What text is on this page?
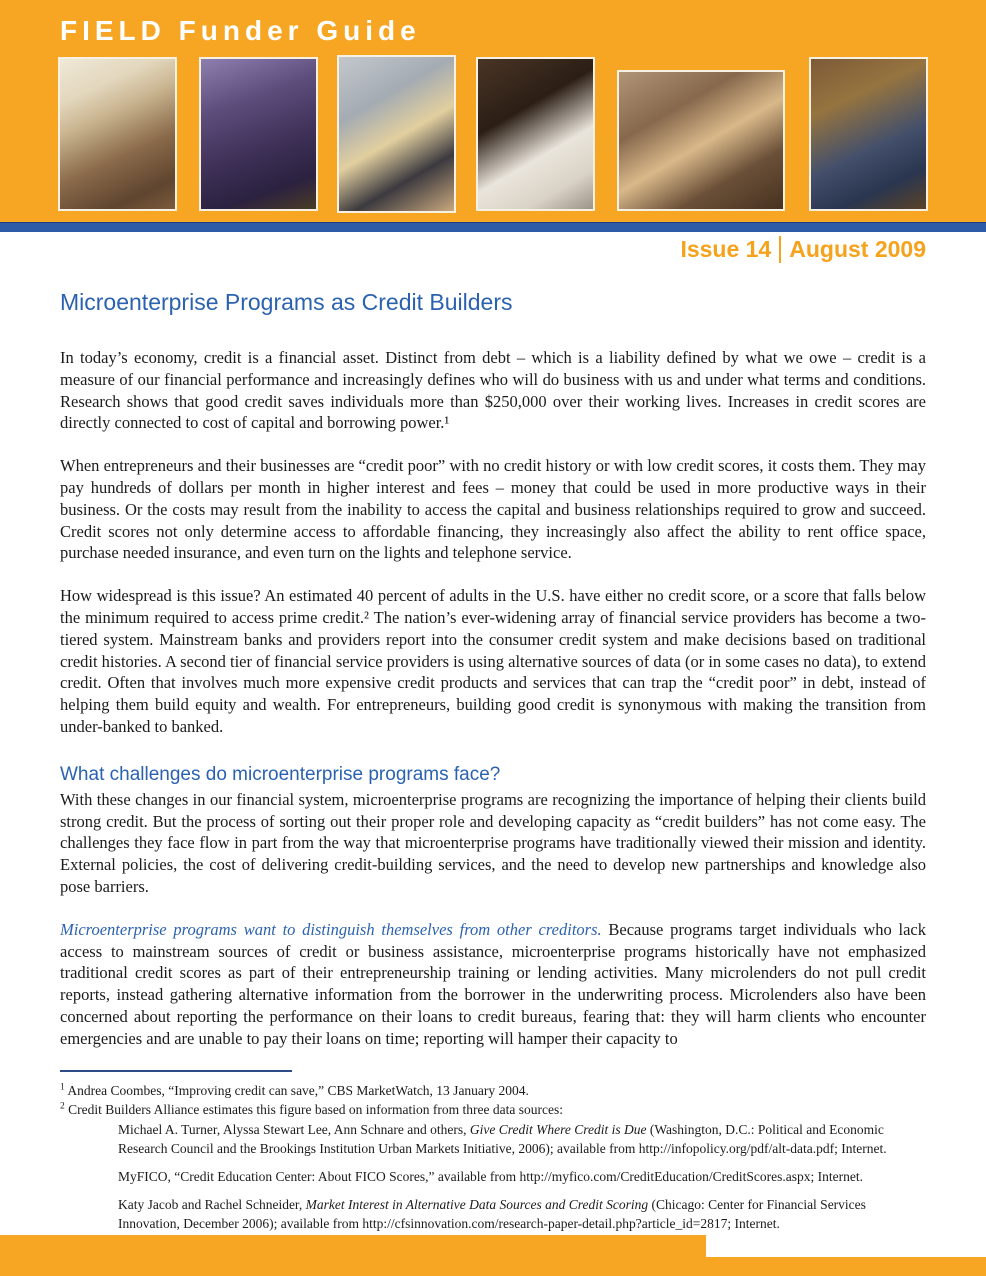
FIELD Funder Guide
Issue 14 August 2009
Microenterprise Programs as Credit Builders

In today’s economy, credit is a financial asset. Distinct from debt – which is a liability defined by what we owe – credit is a measure of our financial performance and increasingly defines who will do business with us and under what terms and conditions. Research shows that good credit saves individuals more than $250,000 over their working lives. Increases in credit scores are directly connected to cost of capital and borrowing power.¹

When entrepreneurs and their businesses are “credit poor” with no credit history or with low credit scores, it costs them. They may pay hundreds of dollars per month in higher interest and fees – money that could be used in more productive ways in their business. Or the costs may result from the inability to access the capital and business relationships required to grow and succeed. Credit scores not only determine access to affordable financing, they increasingly also affect the ability to rent office space, purchase needed insurance, and even turn on the lights and telephone service.

How widespread is this issue? An estimated 40 percent of adults in the U.S. have either no credit score, or a score that falls below the minimum required to access prime credit.² The nation’s ever-widening array of financial service providers has become a two-tiered system. Mainstream banks and providers report into the consumer credit system and make decisions based on traditional credit histories. A second tier of financial service providers is using alternative sources of data (or in some cases no data), to extend credit. Often that involves much more expensive credit products and services that can trap the “credit poor” in debt, instead of helping them build equity and wealth. For entrepreneurs, building good credit is synonymous with making the transition from under-banked to banked.

What challenges do microenterprise programs face?

With these changes in our financial system, microenterprise programs are recognizing the importance of helping their clients build strong credit. But the process of sorting out their proper role and developing capacity as “credit builders” has not come easy. The challenges they face flow in part from the way that microenterprise programs have traditionally viewed their mission and identity. External policies, the cost of delivering credit-building services, and the need to develop new partnerships and knowledge also pose barriers.

Microenterprise programs want to distinguish themselves from other creditors. Because programs target individuals who lack access to mainstream sources of credit or business assistance, microenterprise programs historically have not emphasized traditional credit scores as part of their entrepreneurship training or lending activities. Many microlenders do not pull credit reports, instead gathering alternative information from the borrower in the underwriting process. Microlenders also have been concerned about reporting the performance on their loans to credit bureaus, fearing that: they will harm clients who encounter emergencies and are unable to pay their loans on time; reporting will hamper their capacity to

$^1$ Andrea Coombes, “Improving credit can save,” CBS MarketWatch, 13 January 2004.

$^2$ Credit Builders Alliance estimates this figure based on information from three data sources:

Michael A. Turner, Alyssa Stewart Lee, Ann Schnare and others, Give Credit Where Credit is Due (Washington, D.C.: Political and Economic Research Council and the Brookings Institution Urban Markets Initiative, 2006); available from http://infopolicy.org/pdf/alt-data.pdf; Internet.

MyFICO, “Credit Education Center: About FICO Scores,” available from http://myfico.com/CreditEducation/CreditScores.aspx; Internet.

Katy Jacob and Rachel Schneider, Market Interest in Alternative Data Sources and Credit Scoring (Chicago: Center for Financial Services Innovation, December 2006); available from http://cfsinnovation.com/research-paper-detail.php?article_id=2817; Internet.
